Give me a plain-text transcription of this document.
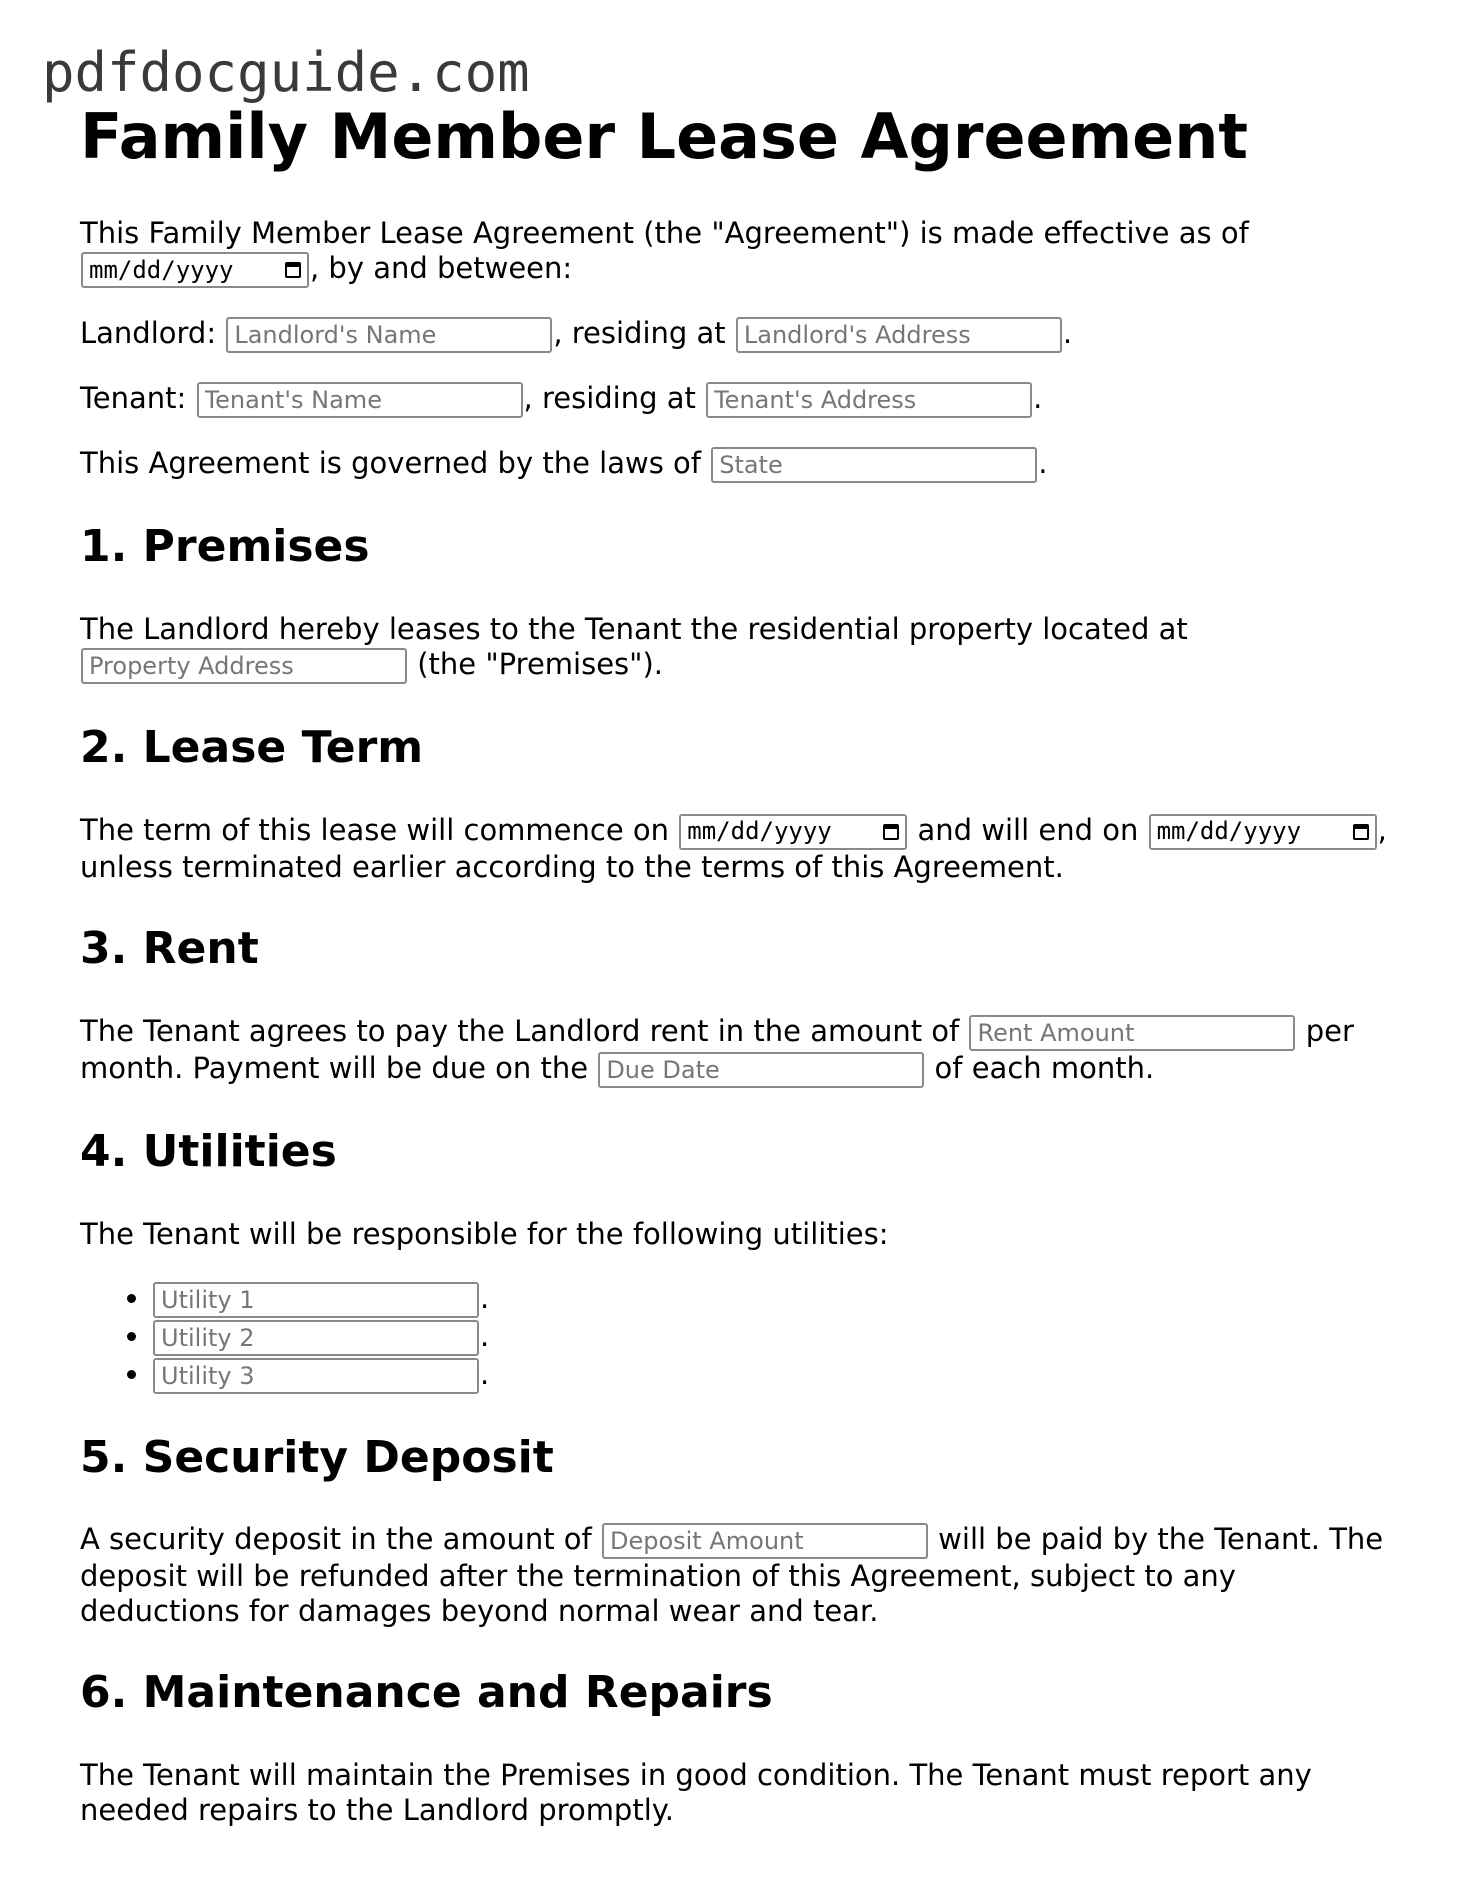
pdfdocguide.com
Family Member Lease Agreement

This Family Member Lease Agreement (the "Agreement") is made effective as of
mm/dd/yyyy	, by and between:

Landlord: Landlord's Name	, residing at Landlord's Address	.

Tenant: Tenant's Name	, residing at Tenant's Address	.

This Agreement is governed by the laws of State	.

1. Premises

The Landlord hereby leases to the Tenant the residential property located at Property Address (the "Premises").

2. Lease Term

The term of this lease will commence on mm/dd/yyyy	and will end on mm/dd/yyyy	, unless terminated earlier according to the terms of this Agreement.

3. Rent

The Tenant agrees to pay the Landlord rent in the amount of Rent Amount	per month. Payment will be due on the Due Date	of each month.

4. Utilities

The Tenant will be responsible for the following utilities:

Utility 1 • .
Utility 2 • .
Utility 3 • .
5. Security Deposit

A security deposit in the amount of Deposit Amount	will be paid by the Tenant. The deposit will be refunded after the termination of this Agreement, subject to any deductions for damages beyond normal wear and tear.

6. Maintenance and Repairs

The Tenant will maintain the Premises in good condition. The Tenant must report any needed repairs to the Landlord promptly.
